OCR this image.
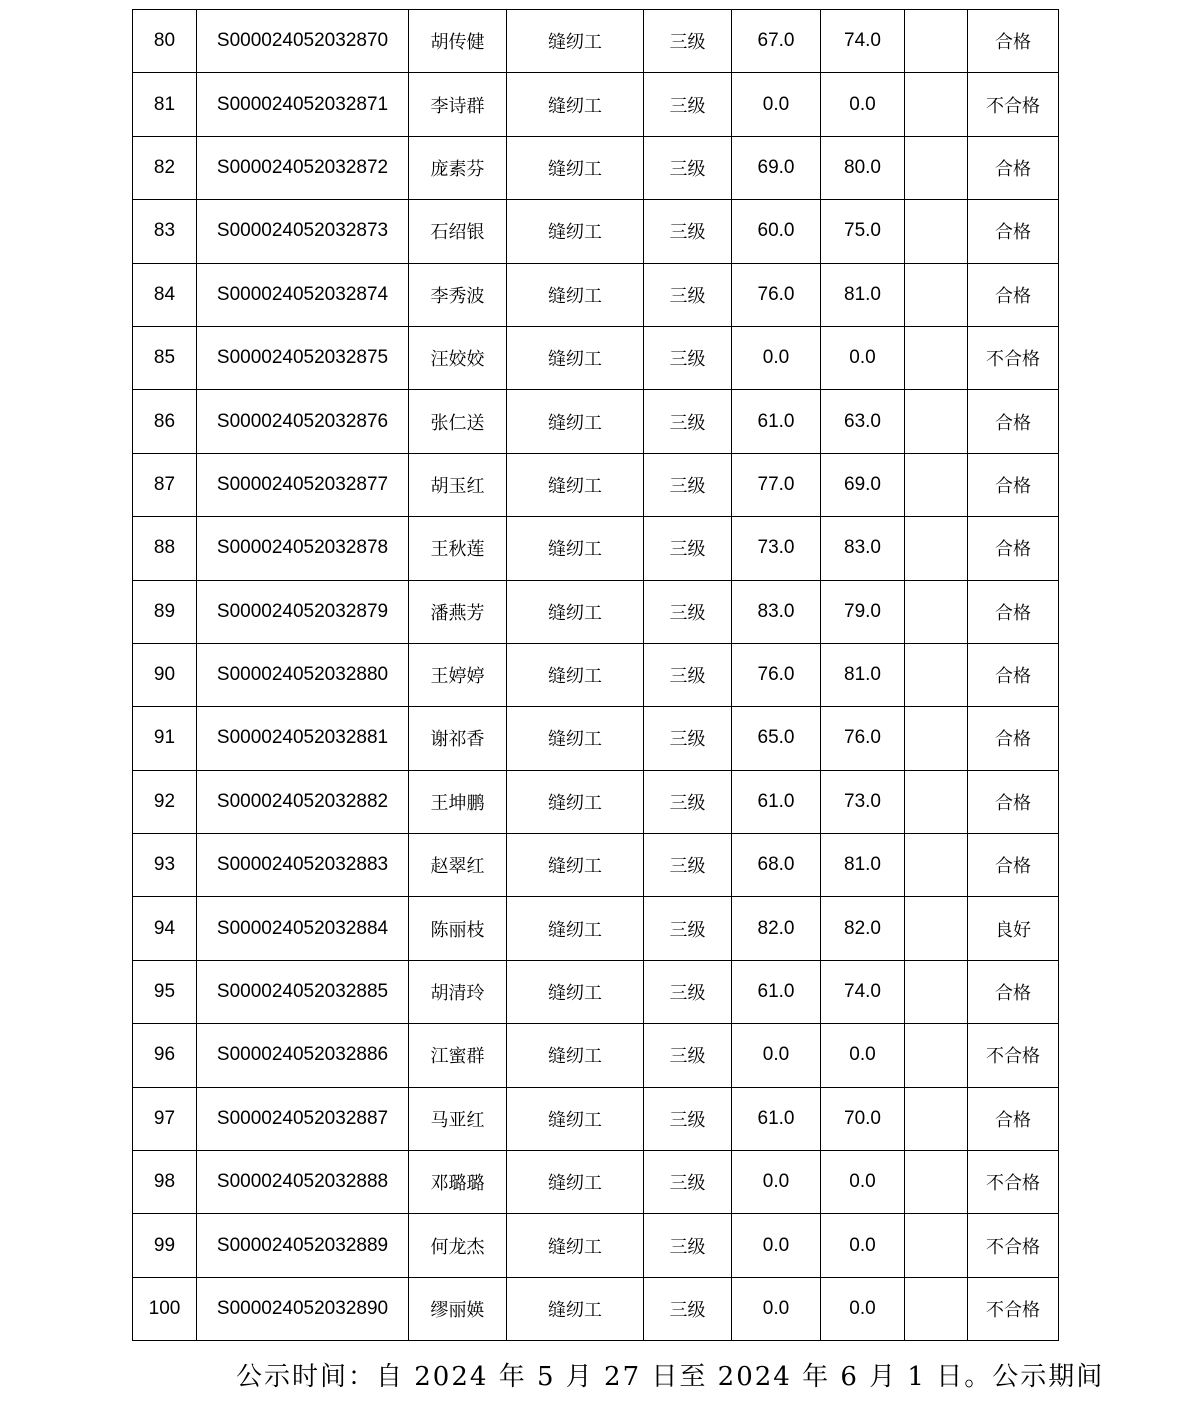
80	S000024052032870	胡传健	缝纫工	三级	67.0	74.0		合格
81	S000024052032871	李诗群	缝纫工	三级	0.0	0.0		不合格
82	S000024052032872	庞素芬	缝纫工	三级	69.0	80.0		合格
83	S000024052032873	石绍银	缝纫工	三级	60.0	75.0		合格
84	S000024052032874	李秀波	缝纫工	三级	76.0	81.0		合格
85	S000024052032875	汪姣姣	缝纫工	三级	0.0	0.0		不合格
86	S000024052032876	张仁送	缝纫工	三级	61.0	63.0		合格
87	S000024052032877	胡玉红	缝纫工	三级	77.0	69.0		合格
88	S000024052032878	王秋莲	缝纫工	三级	73.0	83.0		合格
89	S000024052032879	潘燕芳	缝纫工	三级	83.0	79.0		合格
90	S000024052032880	王婷婷	缝纫工	三级	76.0	81.0		合格
91	S000024052032881	谢祁香	缝纫工	三级	65.0	76.0		合格
92	S000024052032882	王坤鹏	缝纫工	三级	61.0	73.0		合格
93	S000024052032883	赵翠红	缝纫工	三级	68.0	81.0		合格
94	S000024052032884	陈丽枝	缝纫工	三级	82.0	82.0		良好
95	S000024052032885	胡清玲	缝纫工	三级	61.0	74.0		合格
96	S000024052032886	江蜜群	缝纫工	三级	0.0	0.0		不合格
97	S000024052032887	马亚红	缝纫工	三级	61.0	70.0		合格
98	S000024052032888	邓璐璐	缝纫工	三级	0.0	0.0		不合格
99	S000024052032889	何龙杰	缝纫工	三级	0.0	0.0		不合格
100	S000024052032890	缪丽媖	缝纫工	三级	0.0	0.0		不合格
公示时间：自 2024 年 5 月 27 日至 2024 年 6 月 1 日。公示期间
